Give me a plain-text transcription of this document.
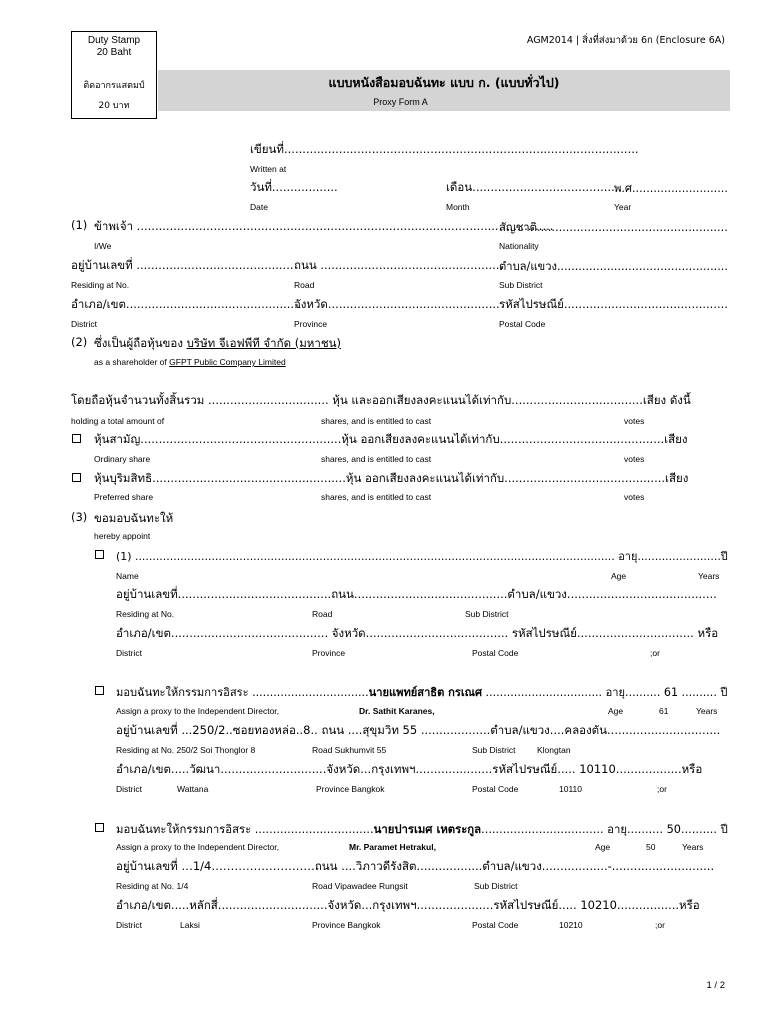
Duty Stamp
20 Baht
ติดอากรแสตมป์
20 บาท
AGM2014 | สิ่งที่ส่งมาด้วย 6ก (Enclosure 6A)
แบบหนังสือมอบฉันทะ แบบ ก. (แบบทั่วไป)
Proxy Form A
เขียนที่.................................................................................................
Written at
วันที่..................	เดือน.........................................
พ.ศ...........................
Date	Month	Year
(1) ข้าพเจ้า ..................................................................................................................
สัญชาติ.....................................................
I/We	Nationality
อยู่บ้านเลขที่ ........................................... ถนน ..................................................
ตำบล/แขวง................................................
Residing at No.	Road	Sub District
อำเภอ/เขต................................................
จังหวัด............................................... รหัสไปรษณีย์.............................................
District	Province	Postal Code
(2) ซึ่งเป็นผู้ถือหุ้นของ บริษัท จีเอฟพีที จำกัด (มหาชน)
as a shareholder of GFPT Public Company Limited
โดยถือหุ้นจำนวนทั้งสิ้นรวม ................................. หุ้น และออกเสียงลงคะแนนได้เท่ากับ....................................เสียง ดังนี้
holding a total amount of	shares, and is entitled to cast	votes
หุ้นสามัญ.......................................................หุ้น ออกเสียงลงคะแนนได้เท่ากับ.............................................เสียง
Ordinary share	shares, and is entitled to cast	votes
หุ้นบุริมสิทธิ.....................................................หุ้น ออกเสียงลงคะแนนได้เท่ากับ............................................เสียง
Preferred share	shares, and is entitled to cast	votes
(3) ขอมอบฉันทะให้
hereby appoint
(1) .......................................................................................................................................... อายุ........................ปี
Name	Age	Years
อยู่บ้านเลขที่..........................................ถนน..........................................ตำบล/แขวง.........................................
Residing at No.	Road	Sub District
อำเภอ/เขต........................................... จังหวัด....................................... รหัสไปรษณีย์................................ หรือ
District	Province	Postal Code	;or
มอบฉันทะให้กรรมการอิสระ .................................นายแพทย์สาธิต กรเณศ ................................. อายุ.......... 61 .......... ปี
Assign a proxy to the Independent Director,	Dr. Sathit Karanes,	Age	61	Years
อยู่บ้านเลขที่ ...250/2..ซอยทองหล่อ..8.. ถนน ....สุขุมวิท 55 ...................ตำบล/แขวง....คลองตัน...............................
Residing at No. 250/2 Soi Thonglor 8	Road Sukhumvit 55	Sub District	Klongtan
อำเภอ/เขต.....วัฒนา.............................จังหวัด...กรุงเทพฯ.....................รหัสไปรษณีย์..... 10110..................หรือ
District	Wattana	Province Bangkok	Postal Code	10110	;or
มอบฉันทะให้กรรมการอิสระ .................................นายปารเมศ เหตระกูล.................................. อายุ.......... 50.......... ปี
Assign a proxy to the Independent Director,	Mr. Paramet Hetrakul,	Age	50	Years
อยู่บ้านเลขที่ …1/4………………………ถนน ....วิภาวดีรังสิต..................ตำบล/แขวง..................-............................
Residing at No. 1/4	Road Vipawadee Rungsit	Sub District
อำเภอ/เขต.....หลักสี่..............................จังหวัด...กรุงเทพฯ.....................รหัสไปรษณีย์..... 10210.................หรือ
District	Laksi	Province Bangkok	Postal Code	10210	;or
1 / 2
